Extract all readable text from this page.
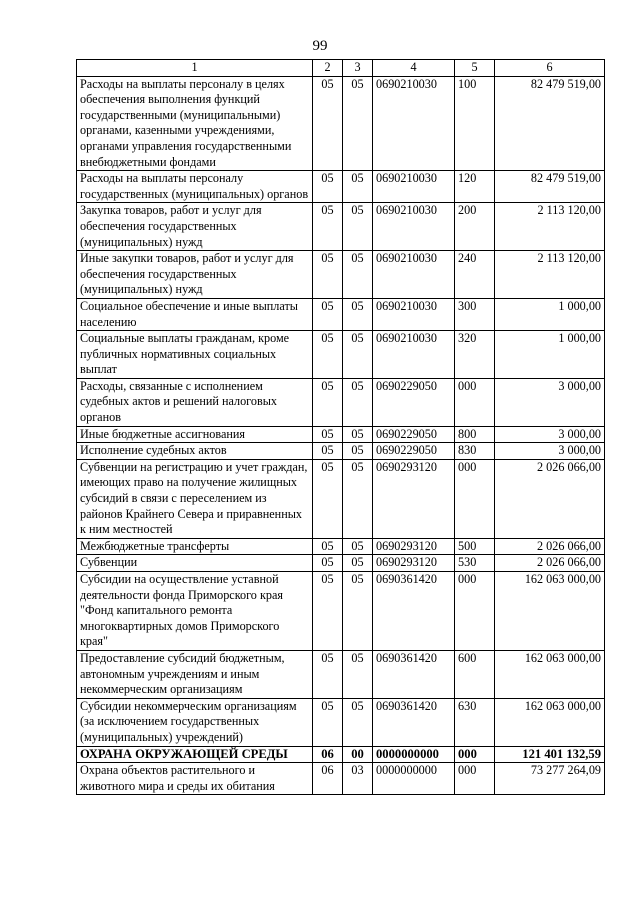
99
1	2	3	4	5	6
Расходы на выплаты персоналу в целях обеспечения выполнения функций государственными (муниципальными) органами, казенными учреждениями, органами управления государственными внебюджетными фондами	05	05	0690210030	100	82 479 519,00
Расходы на выплаты персоналу государственных (муниципальных) органов	05	05	0690210030	120	82 479 519,00
Закупка товаров, работ и услуг для обеспечения государственных (муниципальных) нужд	05	05	0690210030	200	2 113 120,00
Иные закупки товаров, работ и услуг для обеспечения государственных (муниципальных) нужд	05	05	0690210030	240	2 113 120,00
Социальное обеспечение и иные выплаты населению	05	05	0690210030	300	1 000,00
Социальные выплаты гражданам, кроме публичных нормативных социальных выплат	05	05	0690210030	320	1 000,00
Расходы, связанные с исполнением судебных актов и решений налоговых органов	05	05	0690229050	000	3 000,00
Иные бюджетные ассигнования	05	05	0690229050	800	3 000,00
Исполнение судебных актов	05	05	0690229050	830	3 000,00
Субвенции на регистрацию и учет граждан, имеющих право на получение жилищных субсидий в связи с переселением из районов Крайнего Севера и приравненных к ним местностей	05	05	0690293120	000	2 026 066,00
Межбюджетные трансферты	05	05	0690293120	500	2 026 066,00
Субвенции	05	05	0690293120	530	2 026 066,00
Субсидии на осуществление уставной деятельности фонда Приморского края "Фонд капитального ремонта многоквартирных домов Приморского края"	05	05	0690361420	000	162 063 000,00
Предоставление субсидий бюджетным, автономным учреждениям и иным некоммерческим организациям	05	05	0690361420	600	162 063 000,00
Субсидии некоммерческим организациям (за исключением государственных (муниципальных) учреждений)	05	05	0690361420	630	162 063 000,00
ОХРАНА ОКРУЖАЮЩЕЙ СРЕДЫ	06	00	0000000000	000	121 401 132,59
Охрана объектов растительного и животного мира и среды их обитания	06	03	0000000000	000	73 277 264,09
